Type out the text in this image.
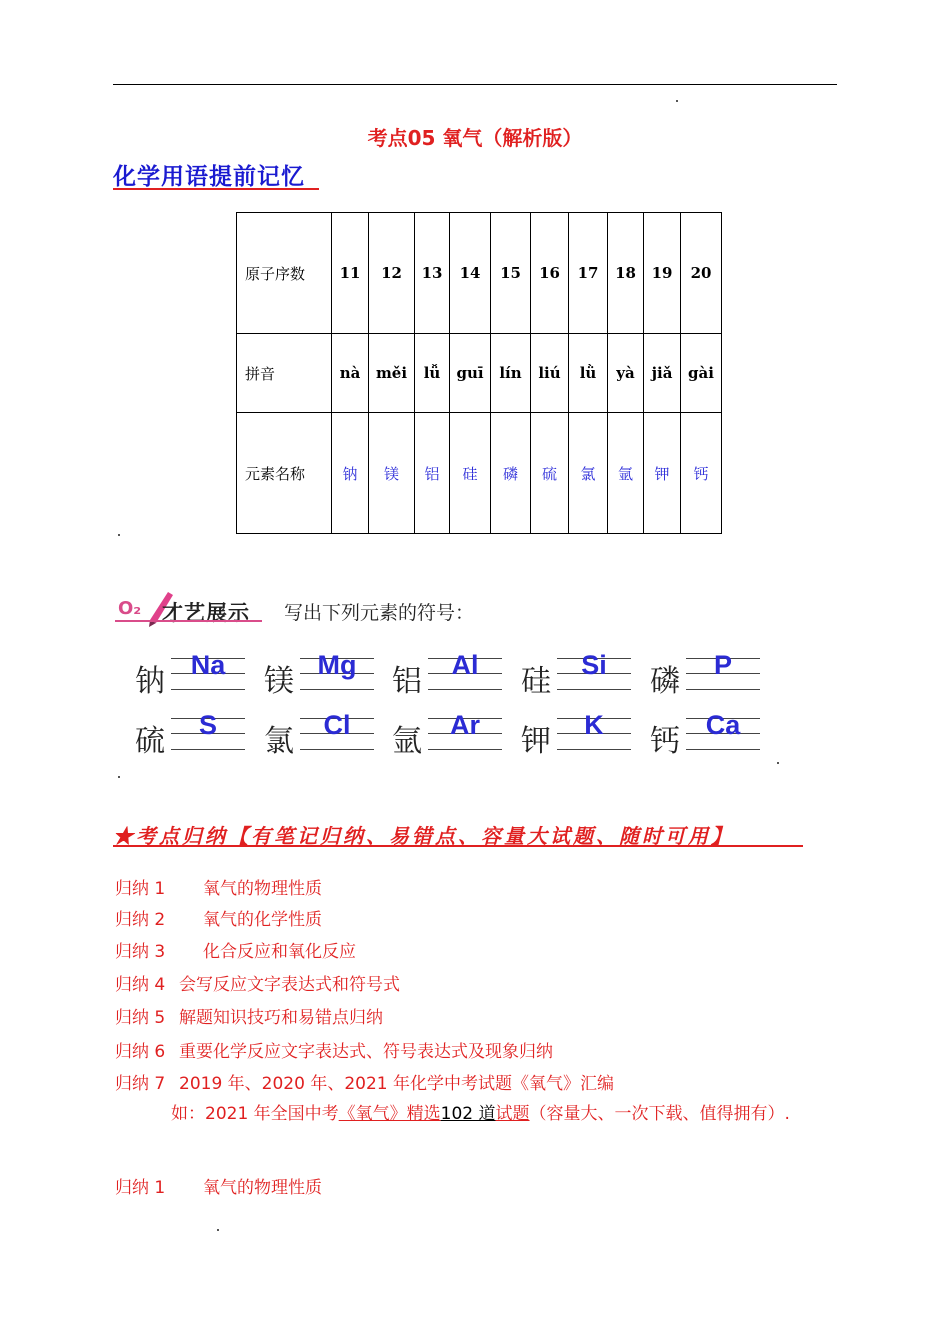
考点05 氧气（解析版）
化学用语提前记忆
原子序数	11	12	13	14	15	16	17	18	19	20
拼音	nà	měi	lǚ	guī	lín	liú	lǜ	yà	jiǎ	gài
元素名称	钠	镁	铝	硅	磷	硫	氯	氩	钾	钙
O₂ 才艺展示 写出下列元素的符号：
钠 Na	镁 Mg	铝	Al	硅	Si	磷	P
硫	S	氯	Cl	氩	Ar	钾	K	钙 Ca
★考点归纳【有笔记归纳、易错点、容量大试题、随时可用】
归纳 1 氧气的物理性质
归纳 2 氧气的化学性质
归纳 3 化合反应和氧化反应
归纳 4 会写反应文字表达式和符号式
归纳 5 解题知识技巧和易错点归纳
归纳 6 重要化学反应文字表达式、符号表达式及现象归纳
归纳 7 2019 年、2020 年、2021 年化学中考试题《氧气》汇编
如：2021 年全国中考《氧气》精选102 道试题（容量大、一次下载、值得拥有）.
归纳 1 氧气的物理性质
